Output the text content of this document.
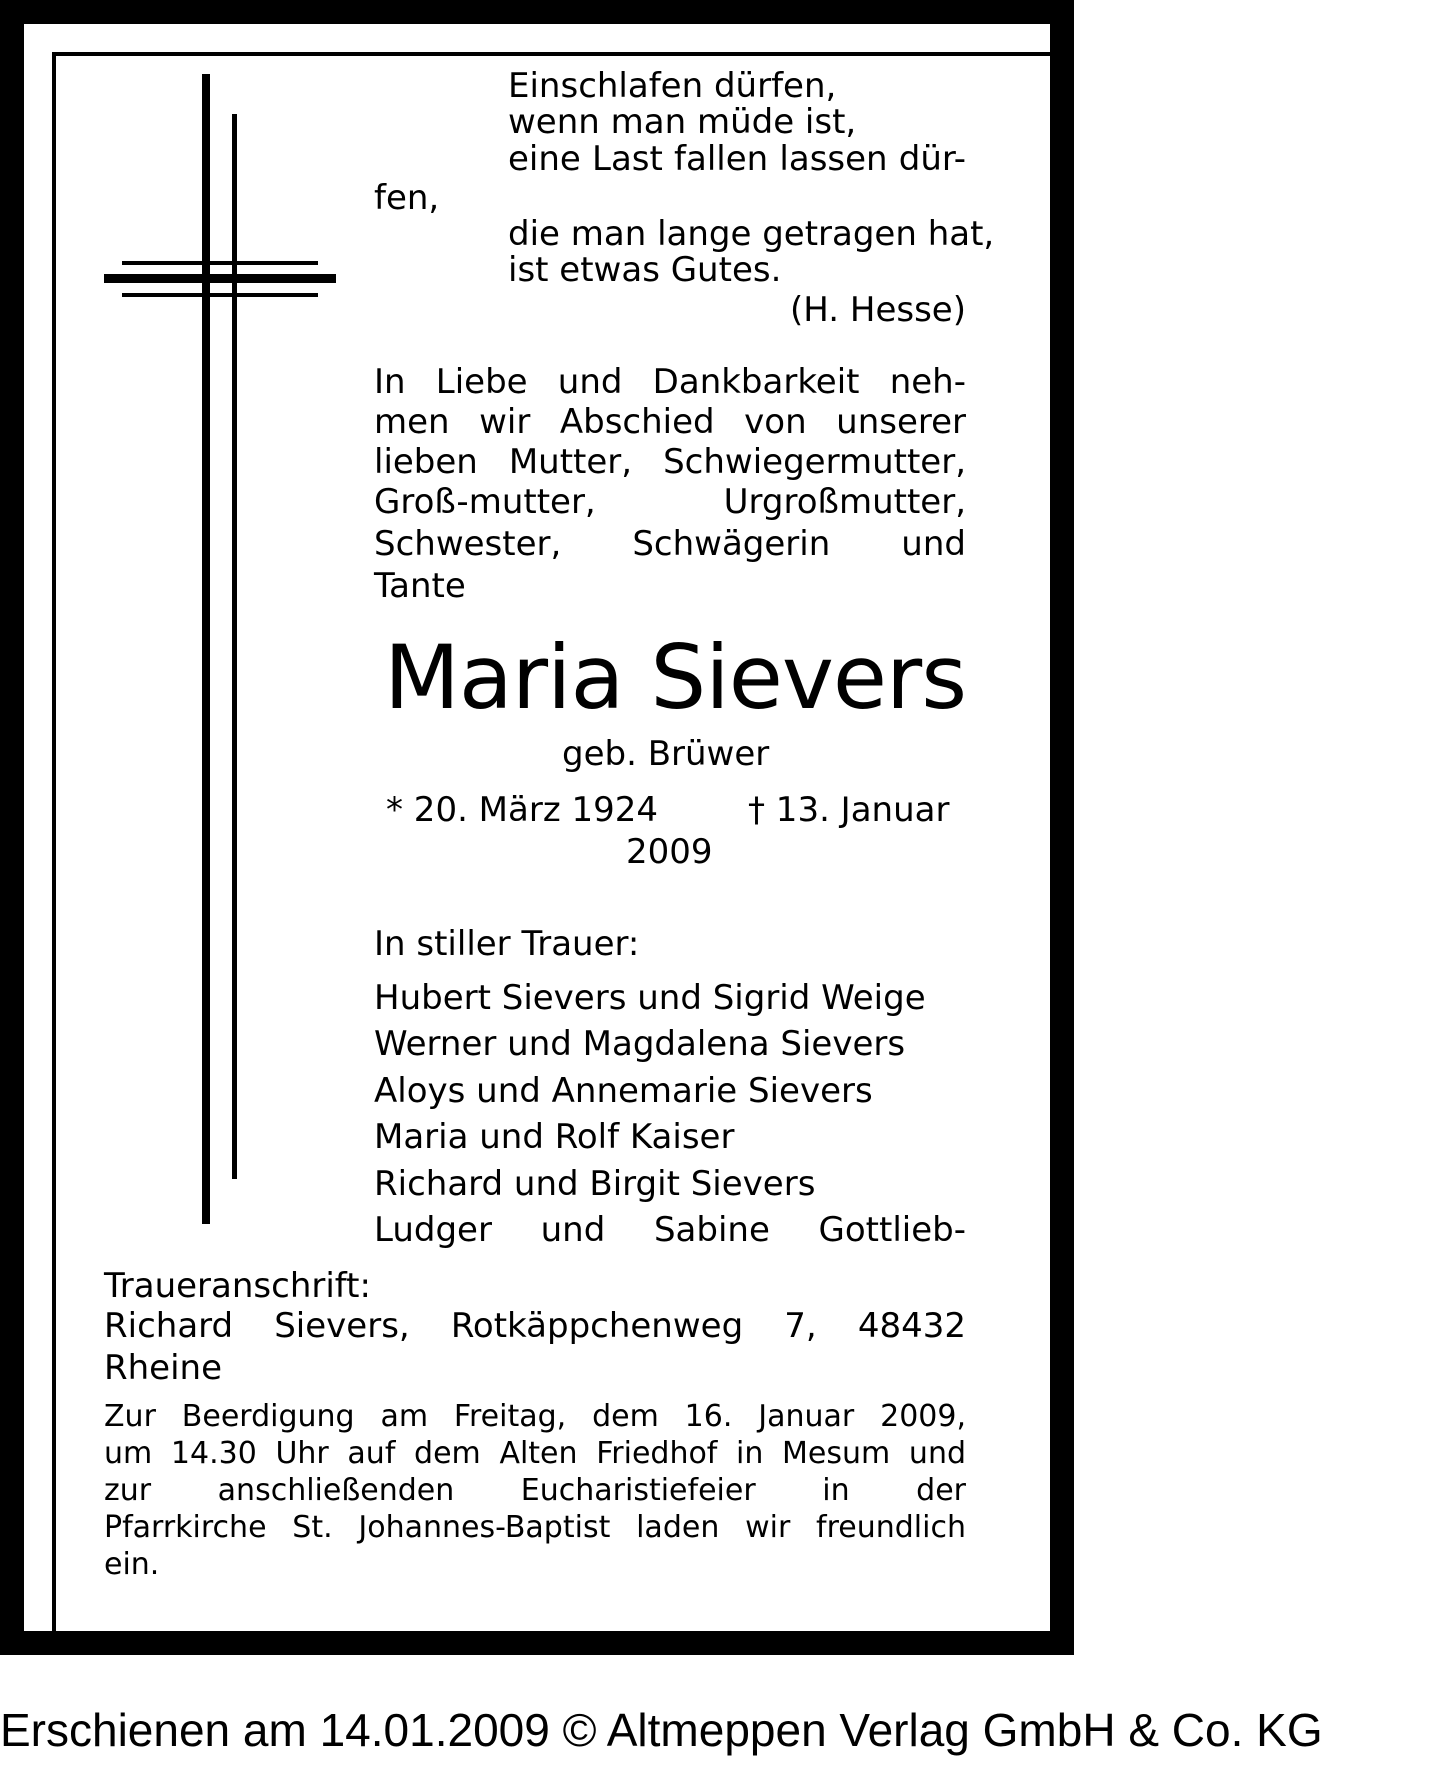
Einschlafen dürfen,
wenn man müde ist,
eine Last fallen lassen dür-
fen,
die man lange getragen hat,
ist etwas Gutes.
(H. Hesse)
In Liebe und Dankbarkeit neh-
men wir Abschied von unserer
lieben Mutter, Schwiegermutter,
Groß-mutter, Urgroßmutter,
Schwester, Schwägerin und
Tante
Maria Sievers
geb. Brüwer
* 20. März 1924	† 13. Januar
2009
In stiller Trauer:
Hubert Sievers und Sigrid Weige
Werner und Magdalena Sievers
Aloys und Annemarie Sievers
Maria und Rolf Kaiser
Richard und Birgit Sievers
Ludger und Sabine Gottlieb-
Traueranschrift:
Richard Sievers, Rotkäppchenweg 7, 48432
Rheine
Zur Beerdigung am Freitag, dem 16. Januar 2009,
um 14.30 Uhr auf dem Alten Friedhof in Mesum und
zur anschließenden Eucharistiefeier in der
Pfarrkirche St. Johannes-Baptist laden wir freundlich
ein.
Erschienen am 14.01.2009 © Altmeppen Verlag GmbH & Co. KG
